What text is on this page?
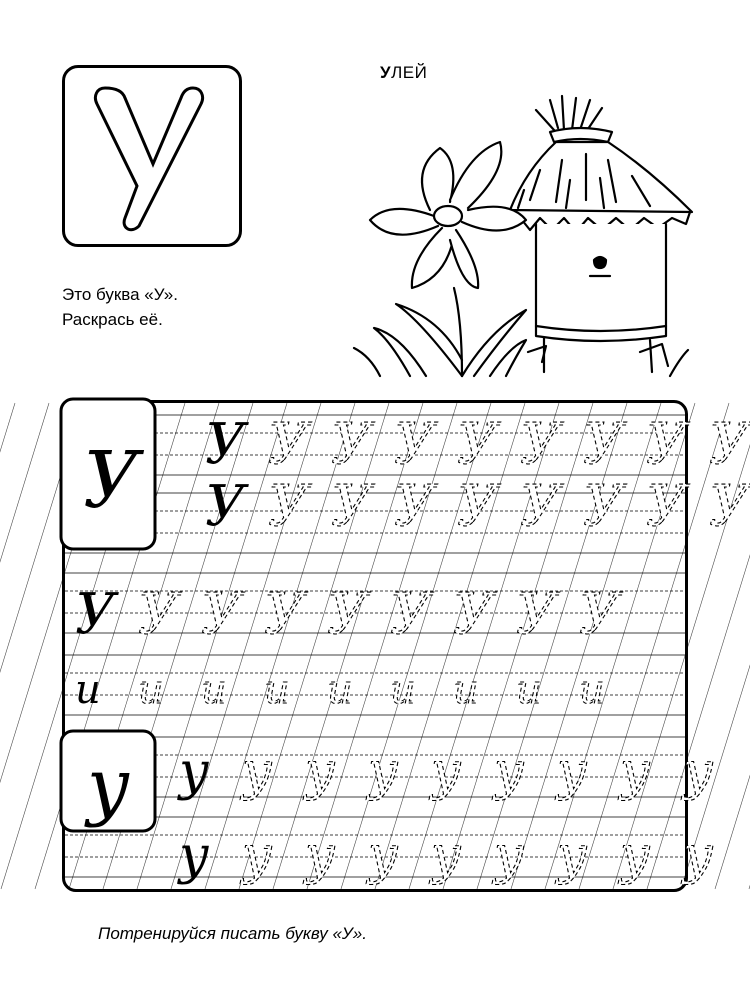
УЛЕЙ
Это буква «У».
Раскрась её.
У У У У У У У У У
У У У У У У У У У
У У У У У У У У У
и и и и и и и и и
у у у у у у у у у
у у у у у у у у у
У
у
Потренируйся писать букву «У».
